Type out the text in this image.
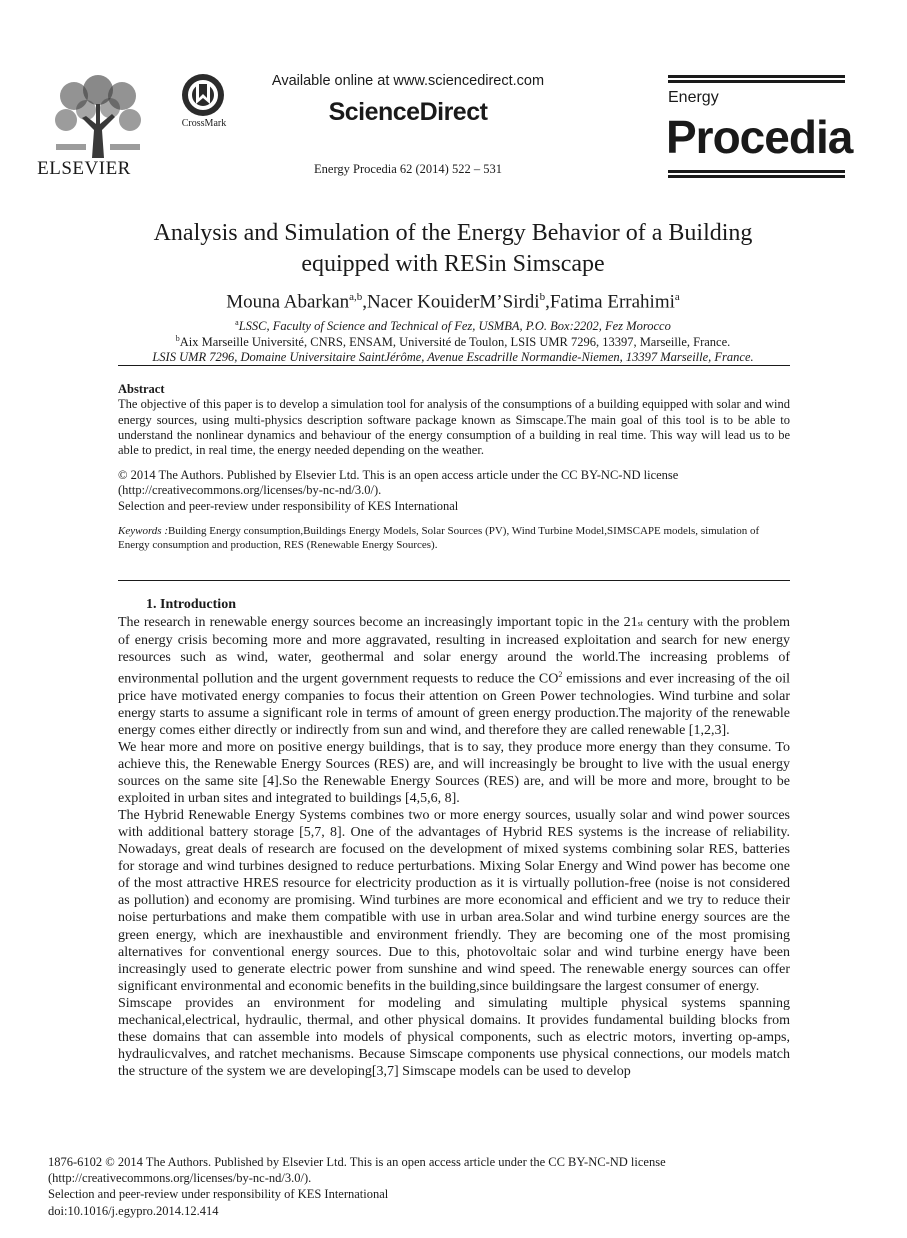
ELSEVIER
CrossMark
Available online at www.sciencedirect.com
ScienceDirect
Energy Procedia 62 (2014) 522 – 531
Energy
Procedia
Analysis and Simulation of the Energy Behavior of a Building
equipped with RESin Simscape
Mouna Abarkan$^{a,b}$,Nacer KouiderM’Sirdi$^b$,Fatima Errahimi$^a$
$^a$LSSC, Faculty of Science and Technical of Fez, USMBA, P.O. Box:2202, Fez Morocco
$^b$Aix Marseille Université, CNRS, ENSAM, Université de Toulon, LSIS UMR 7296, 13397, Marseille, France.
LSIS UMR 7296, Domaine Universitaire SaintJérôme, Avenue Escadrille Normandie-Niemen, 13397 Marseille, France.
Abstract
The objective of this paper is to develop a simulation tool for analysis of the consumptions of a building equipped with solar and wind energy sources, using multi-physics description software package known as Simscape.The main goal of this tool is to be able to understand the nonlinear dynamics and behaviour of the energy consumption of a building in real time. This way will lead us to be able to predict, in real time, the energy needed depending on the weather.
© 2014 The Authors. Published by Elsevier Ltd. This is an open access article under the CC BY-NC-ND license
(http://creativecommons.org/licenses/by-nc-nd/3.0/).
Selection and peer-review under responsibility of KES International
Keywords :Building Energy consumption,Buildings Energy Models, Solar Sources (PV), Wind Turbine Model,SIMSCAPE models, simulation of Energy consumption and production, RES (Renewable Energy Sources).
1. Introduction

The research in renewable energy sources become an increasingly important topic in the 21st century with the problem of energy crisis becoming more and more aggravated, resulting in increased exploitation and search for new energy resources such as wind, water, geothermal and solar energy around the world.The increasing problems of environmental pollution and the urgent government requests to reduce the $CO^2$ emissions and ever increasing of the oil price have motivated energy companies to focus their attention on Green Power technologies. Wind turbine and solar energy starts to assume a significant role in terms of amount of green energy production.The majority of the renewable energy comes either directly or indirectly from sun and wind, and therefore they are called renewable [1,2,3].

We hear more and more on positive energy buildings, that is to say, they produce more energy than they consume. To achieve this, the Renewable Energy Sources (RES) are, and will increasingly be brought to live with the usual energy sources on the same site [4].So the Renewable Energy Sources (RES) are, and will be more and more, brought to be exploited in urban sites and integrated to buildings [4,5,6, 8].

The Hybrid Renewable Energy Systems combines two or more energy sources, usually solar and wind power sources with additional battery storage [5,7, 8]. One of the advantages of Hybrid RES systems is the increase of reliability. Nowadays, great deals of research are focused on the development of mixed systems combining solar RES, batteries for storage and wind turbines designed to reduce perturbations. Mixing Solar Energy and Wind power has become one of the most attractive HRES resource for electricity production as it is virtually pollution-free (noise is not considered as pollution) and economy are promising. Wind turbines are more economical and efficient and we try to reduce their noise perturbations and make them compatible with use in urban area.Solar and wind turbine energy sources are the green energy, which are inexhaustible and environment friendly. They are becoming one of the most promising alternatives for conventional energy sources. Due to this, photovoltaic solar and wind turbine energy have been increasingly used to generate electric power from sunshine and wind speed. The renewable energy sources can offer significant environmental and economic benefits in the building,since buildingsare the largest consumer of energy.

Simscape provides an environment for modeling and simulating multiple physical systems spanning mechanical,electrical, hydraulic, thermal, and other physical domains. It provides fundamental building blocks from these domains that can assemble into models of physical components, such as electric motors, inverting op-amps, hydraulicvalves, and ratchet mechanisms. Because Simscape components use physical connections, our models match the structure of the system we are developing[3,7] Simscape models can be used to develop

1876-6102 © 2014 The Authors. Published by Elsevier Ltd. This is an open access article under the CC BY-NC-ND license
(http://creativecommons.org/licenses/by-nc-nd/3.0/).
Selection and peer-review under responsibility of KES International
doi:10.1016/j.egypro.2014.12.414
